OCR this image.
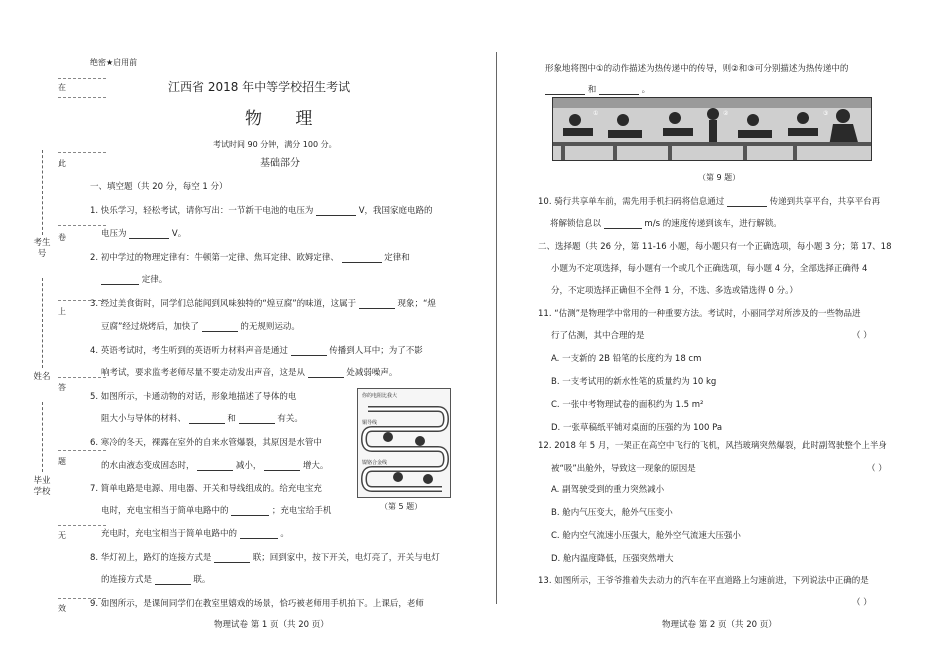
考生号
姓名
毕业学校
在
此
卷
上
答
题
无
效
绝密★启用前
江西省 2018 年中等学校招生考试
物 理
考试时间 90 分钟，满分 100 分。
基础部分
一、填空题（共 20 分，每空 1 分）
1. 快乐学习，轻松考试，请你写出：一节新干电池的电压为	V，我国家庭电路的
电压为	V。
2. 初中学过的物理定律有：牛顿第一定律、焦耳定律、欧姆定律、	定律和
定律。
3. 经过美食街时，同学们总能闻到风味独特的“煌豆腐”的味道，这属于	现象；“煌
豆腐”经过烧烤后，加快了	的无规则运动。
4. 英语考试时，考生听到的英语听力材料声音是通过	传播到人耳中；为了不影
响考试，要求监考老师尽量不要走动发出声音，这是从	处减弱噪声。
5. 如图所示，卡通动物的对话，形象地描述了导体的电
阻大小与导体的材料、	和	有关。
6. 寒冷的冬天，裸露在室外的自来水管爆裂，其原因是水管中
的水由液态变成固态时，	减小，	增大。
7. 简单电路是电源、用电器、开关和导线组成的。给充电宝充
电时，充电宝相当于简单电路中的	；充电宝给手机
充电时，充电宝相当于简单电路中的	。
8. 华灯初上，路灯的连接方式是	联；回到家中，按下开关，电灯亮了，开关与电灯
的连接方式是	联。
9. 如图所示，是课间同学们在教室里嬉戏的场景，恰巧被老师用手机拍下。上课后，老师
你的电阻比我大
铜导线
镍铬合金线
（第 5 题）
物理试卷 第 1 页（共 20 页）
形象地将图中①的动作描述为热传递中的传导，则②和③可分别描述为热传递中的
和	。
①	②	③
（第 9 题）
10. 骑行共享单车前，需先用手机扫码将信息通过	传递到共享平台，共享平台再
将解锁信息以	m/s 的速度传递到该车，进行解锁。
二、选择题（共 26 分，第 11-16 小题，每小题只有一个正确选项，每小题 3 分；第 17、18
小题为不定项选择，每小题有一个或几个正确选项，每小题 4 分，全部选择正确得 4
分，不定项选择正确但不全得 1 分，不选、多选或错选得 0 分。）
11. “估测”是物理学中常用的一种重要方法。考试时，小丽同学对所涉及的一些物品进
行了估测，其中合理的是	（ ）
A. 一支新的 2B 铅笔的长度约为 18 cm
B. 一支考试用的新水性笔的质量约为 10 kg
C. 一张中考物理试卷的面积约为 1.5 m²
D. 一张草稿纸平铺对桌面的压强约为 100 Pa
12. 2018 年 5 月，一架正在高空中飞行的飞机，风挡玻璃突然爆裂，此时副驾驶整个上半身
被“吸”出舱外，导致这一现象的原因是	（ ）
A. 副驾驶受到的重力突然减小
B. 舱内气压变大，舱外气压变小
C. 舱内空气流速小压强大，舱外空气流速大压强小
D. 舱内温度降低，压强突然增大
13. 如图所示，王爷爷推着失去动力的汽车在平直道路上匀速前进，下列说法中正确的是
（ ）
物理试卷 第 2 页（共 20 页）
